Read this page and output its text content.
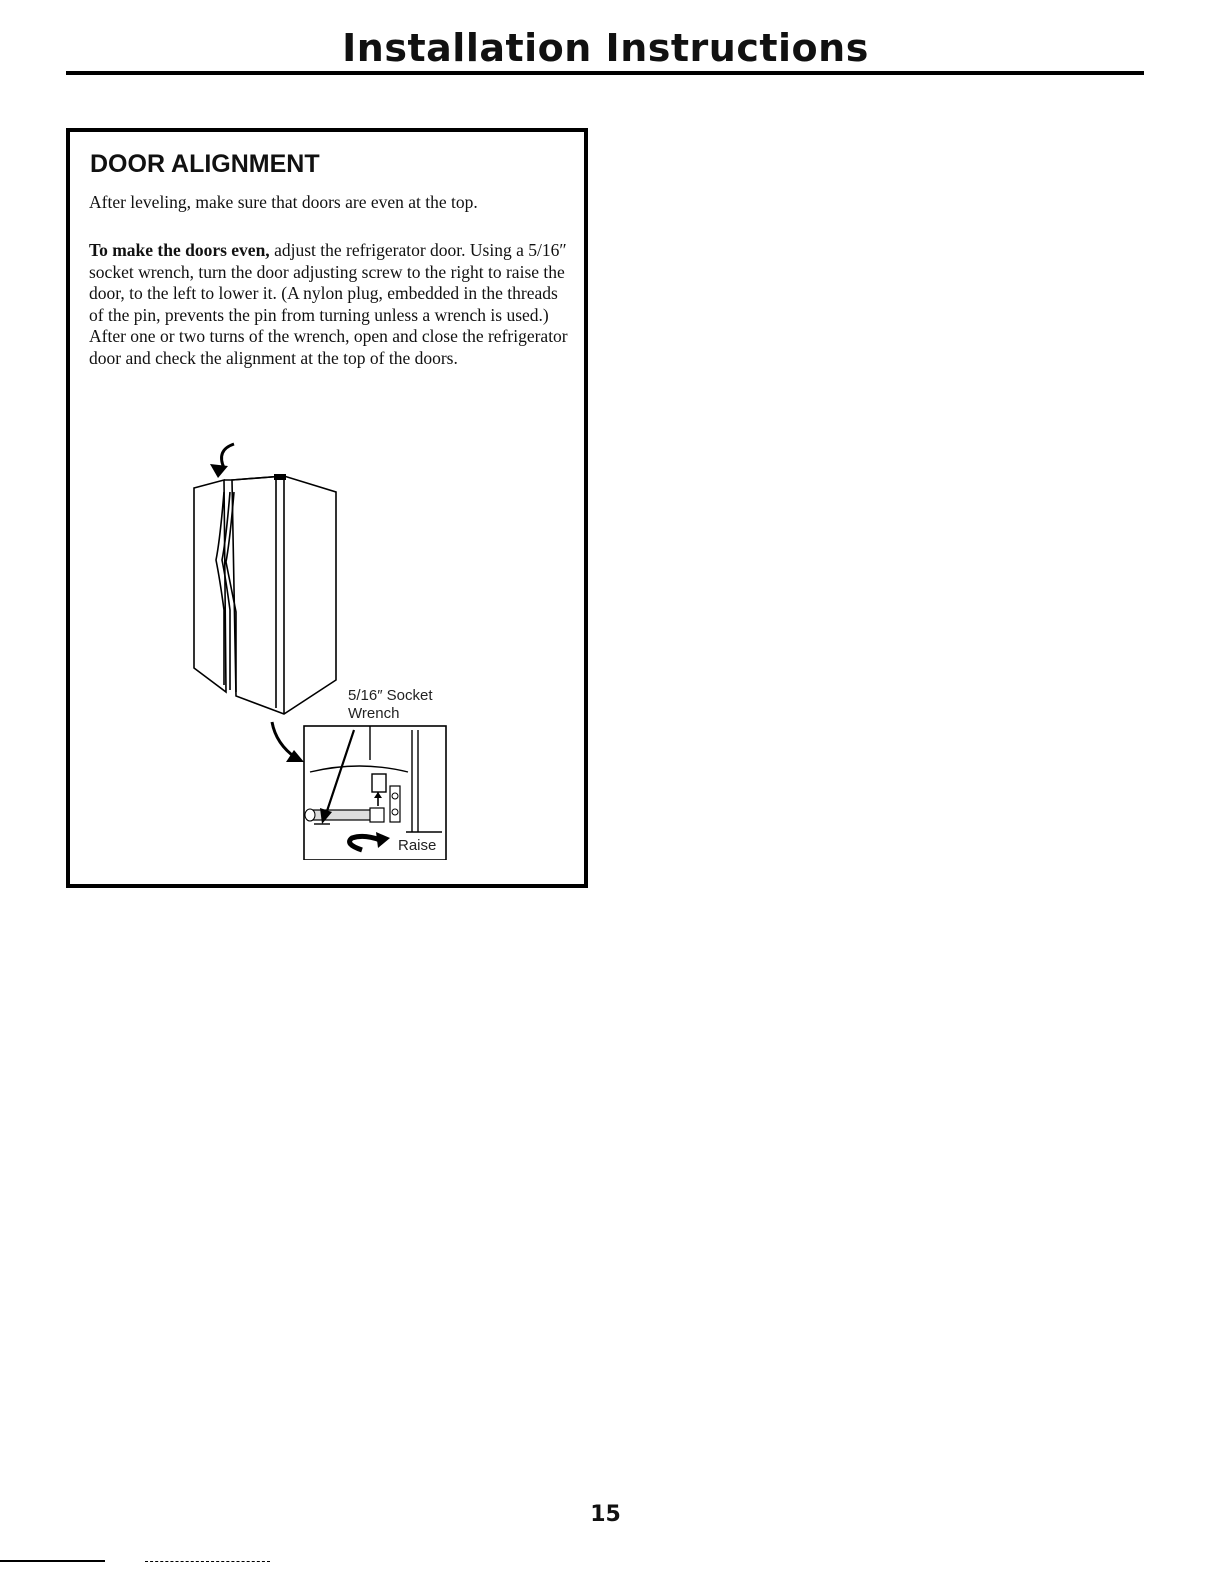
Installation Instructions
DOOR ALIGNMENT

After leveling, make sure that doors are even at the top.

To make the doors even, adjust the refrigerator door. Using a 5/16″ socket wrench, turn the door adjusting screw to the right to raise the door, to the left to lower it. (A nylon plug, embedded in the threads of the pin, prevents the pin from turning unless a wrench is used.) After one or two turns of the wrench, open and close the refrigerator door and check the alignment at the top of the doors.

5/16″ Socket
Wrench
Raise
15
